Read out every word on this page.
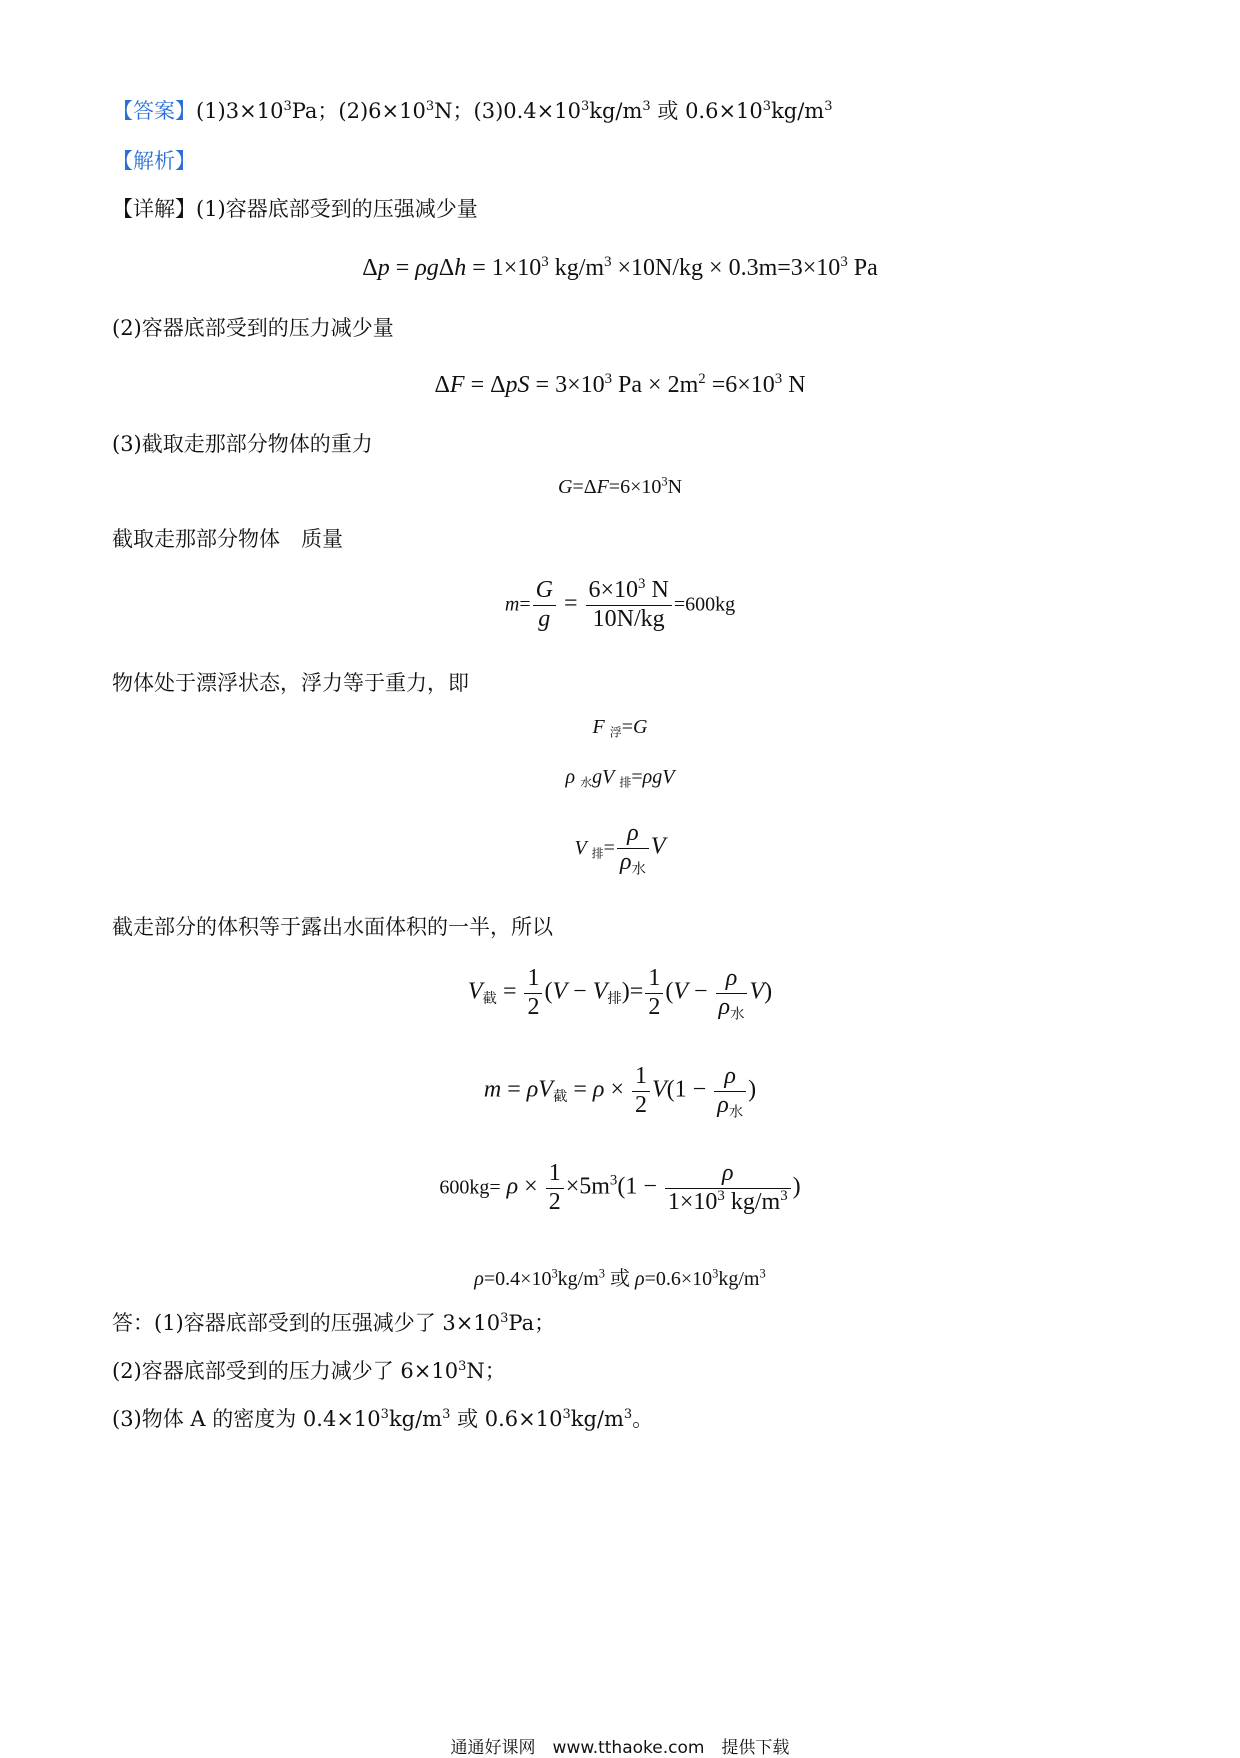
【答案】$(1)3\times 10^3Pa$；$(2)6\times 10^3N$；$(3)0.4\times 10^3kg/m^3$ 或 $0.6\times 10^3kg/m^3$
【解析】
【详解】(1)容器底部受到的压强减少量
$\Delta p = \rho g\Delta h = 1\times 10^3$ $kg/m^3 \times 10N/kg \times 0.3m=3\times 10^3$ Pa
(2)容器底部受到的压力减少量
$\Delta F = \Delta pS = 3\times 10^3$ $Pa \times 2m^2 =6\times 10^3$ N
(3)截取走那部分物体的重力
$G=\Delta F=6\times 10^3N$
截取走那部分物体　质量
$m= \frac{G}{g} = \frac{6\times 10^3 N}{10N/kg} =600kg$
物体处于漂浮状态，浮力等于重力，即
F $_浮$=G
ρ $_水$gV $_排$=ρgV
V $_排= \frac{\rho}{\rho_水}$ V
截走部分的体积等于露出水面体积的一半，所以
$V_截 = \frac{1}{2} (V - V_排)= \frac{1}{2} (V - \frac{\rho}{\rho_水} V)$
$m = \rho V_截 = \rho \times \frac{1}{2} V(1 - \frac{\rho}{\rho_水}$ )
$600kg= \rho \times \frac{1}{2} \times 5m^3(1 - \frac{\rho}{1\times 10^3 kg/m^3}$ )
$\rho=0.4\times 10^3kg/m^3$ 或 $\rho=0.6\times 10^3kg/m^3$
答：(1)容器底部受到的压强减少了 $3\times 10^3Pa$；
(2)容器底部受到的压力减少了 $6\times 10^3N$；
(3)物体 A 的密度为 $0.4\times 10^3kg/m^3$ 或 $0.6\times 10^3kg/m^3$。
通通好课网　www.tthaoke.com　提供下载
